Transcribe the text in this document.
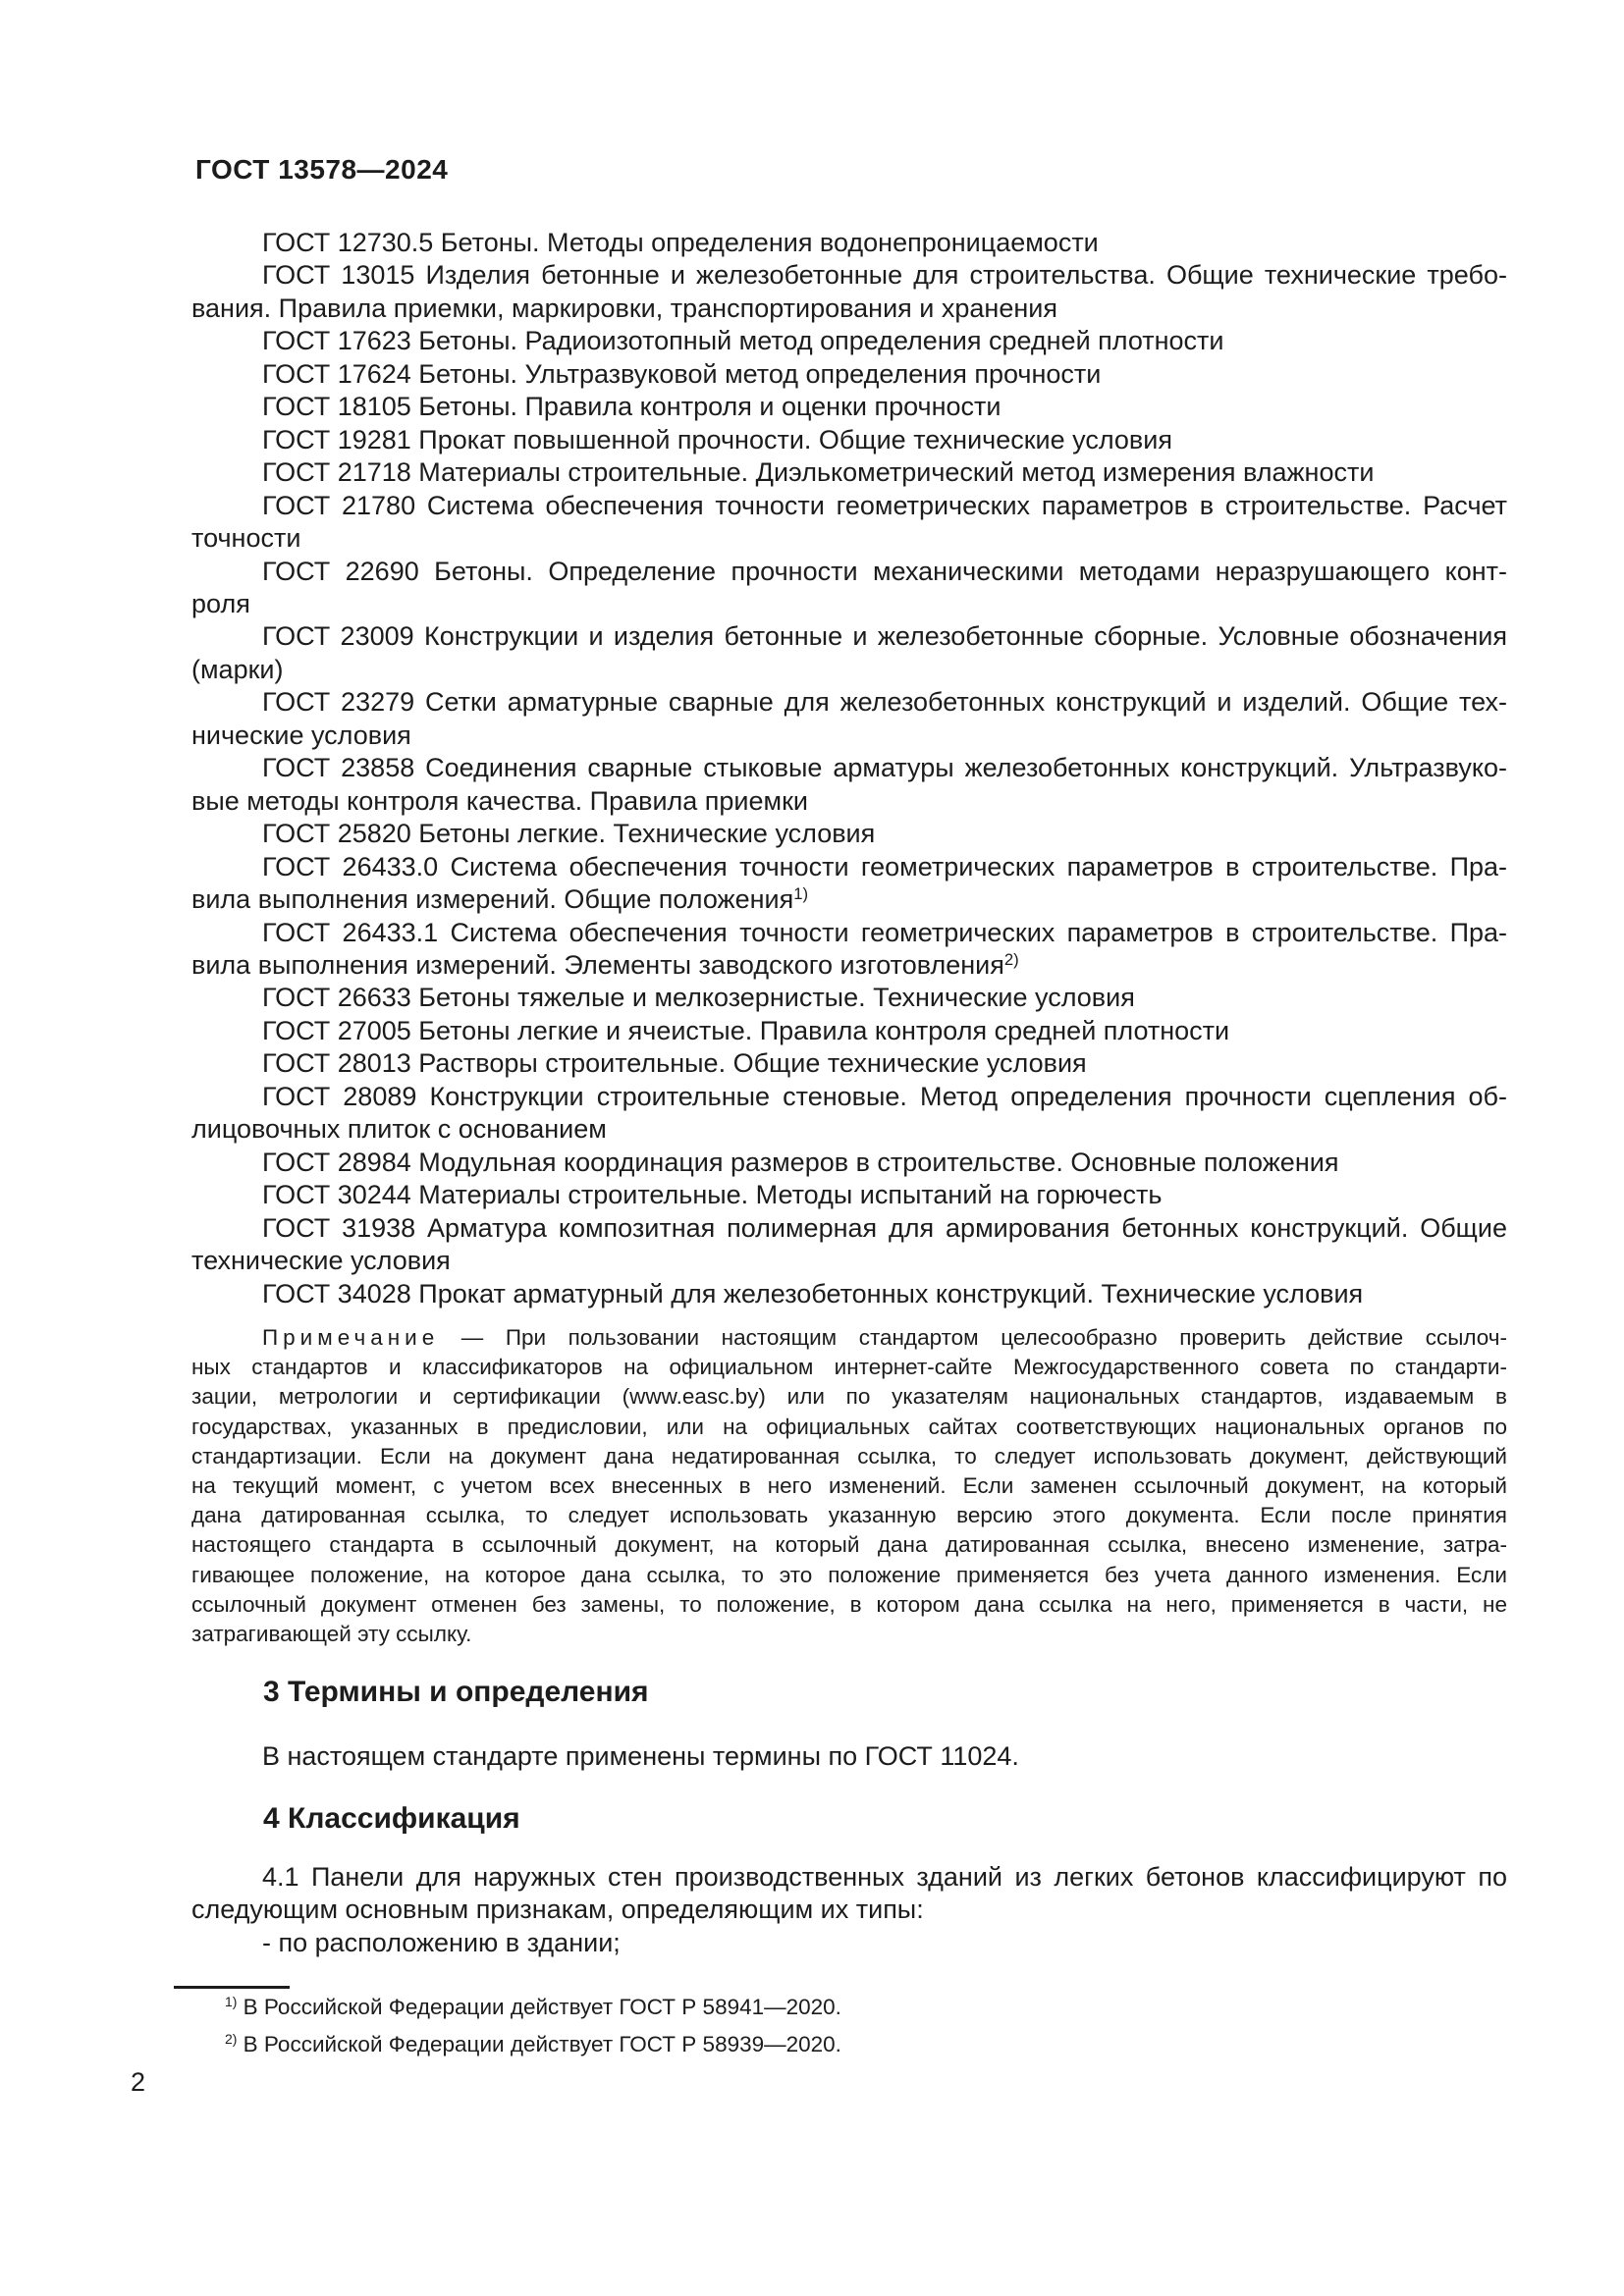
ГОСТ 13578—2024
ГОСТ 12730.5 Бетоны. Методы определения водонепроницаемости
ГОСТ 13015 Изделия бетонные и железобетонные для строительства. Общие технические требо-
вания. Правила приемки, маркировки, транспортирования и хранения
ГОСТ 17623 Бетоны. Радиоизотопный метод определения средней плотности
ГОСТ 17624 Бетоны. Ультразвуковой метод определения прочности
ГОСТ 18105 Бетоны. Правила контроля и оценки прочности
ГОСТ 19281 Прокат повышенной прочности. Общие технические условия
ГОСТ 21718 Материалы строительные. Диэлькометрический метод измерения влажности
ГОСТ 21780 Система обеспечения точности геометрических параметров в строительстве. Расчет
точности
ГОСТ 22690 Бетоны. Определение прочности механическими методами неразрушающего конт-
роля
ГОСТ 23009 Конструкции и изделия бетонные и железобетонные сборные. Условные обозначения
(марки)
ГОСТ 23279 Сетки арматурные сварные для железобетонных конструкций и изделий. Общие тех-
нические условия
ГОСТ 23858 Соединения сварные стыковые арматуры железобетонных конструкций. Ультразвуко-
вые методы контроля качества. Правила приемки
ГОСТ 25820 Бетоны легкие. Технические условия
ГОСТ 26433.0 Система обеспечения точности геометрических параметров в строительстве. Пра-
вила выполнения измерений. Общие положения$^{1)}$
ГОСТ 26433.1 Система обеспечения точности геометрических параметров в строительстве. Пра-
вила выполнения измерений. Элементы заводского изготовления$^{2)}$
ГОСТ 26633 Бетоны тяжелые и мелкозернистые. Технические условия
ГОСТ 27005 Бетоны легкие и ячеистые. Правила контроля средней плотности
ГОСТ 28013 Растворы строительные. Общие технические условия
ГОСТ 28089 Конструкции строительные стеновые. Метод определения прочности сцепления об-
лицовочных плиток с основанием
ГОСТ 28984 Модульная координация размеров в строительстве. Основные положения
ГОСТ 30244 Материалы строительные. Методы испытаний на горючесть
ГОСТ 31938 Арматура композитная полимерная для армирования бетонных конструкций. Общие
технические условия
ГОСТ 34028 Прокат арматурный для железобетонных конструкций. Технические условия
Примечание — При пользовании настоящим стандартом целесообразно проверить действие ссылоч-
ных стандартов и классификаторов на официальном интернет-сайте Межгосударственного совета по стандарти-
зации, метрологии и сертификации (www.easc.by) или по указателям национальных стандартов, издаваемым в
государствах, указанных в предисловии, или на официальных сайтах соответствующих национальных органов по
стандартизации. Если на документ дана недатированная ссылка, то следует использовать документ, действующий
на текущий момент, с учетом всех внесенных в него изменений. Если заменен ссылочный документ, на который
дана датированная ссылка, то следует использовать указанную версию этого документа. Если после принятия
настоящего стандарта в ссылочный документ, на который дана датированная ссылка, внесено изменение, затра-
гивающее положение, на которое дана ссылка, то это положение применяется без учета данного изменения. Если
ссылочный документ отменен без замены, то положение, в котором дана ссылка на него, применяется в части, не
затрагивающей эту ссылку.
3 Термины и определения
В настоящем стандарте применены термины по ГОСТ 11024.
4 Классификация
4.1 Панели для наружных стен производственных зданий из легких бетонов классифицируют по
следующим основным признакам, определяющим их типы:
- по расположению в здании;
$^{1)}$ В Российской Федерации действует ГОСТ Р 58941—2020.
$^{2)}$ В Российской Федерации действует ГОСТ Р 58939—2020.
2
